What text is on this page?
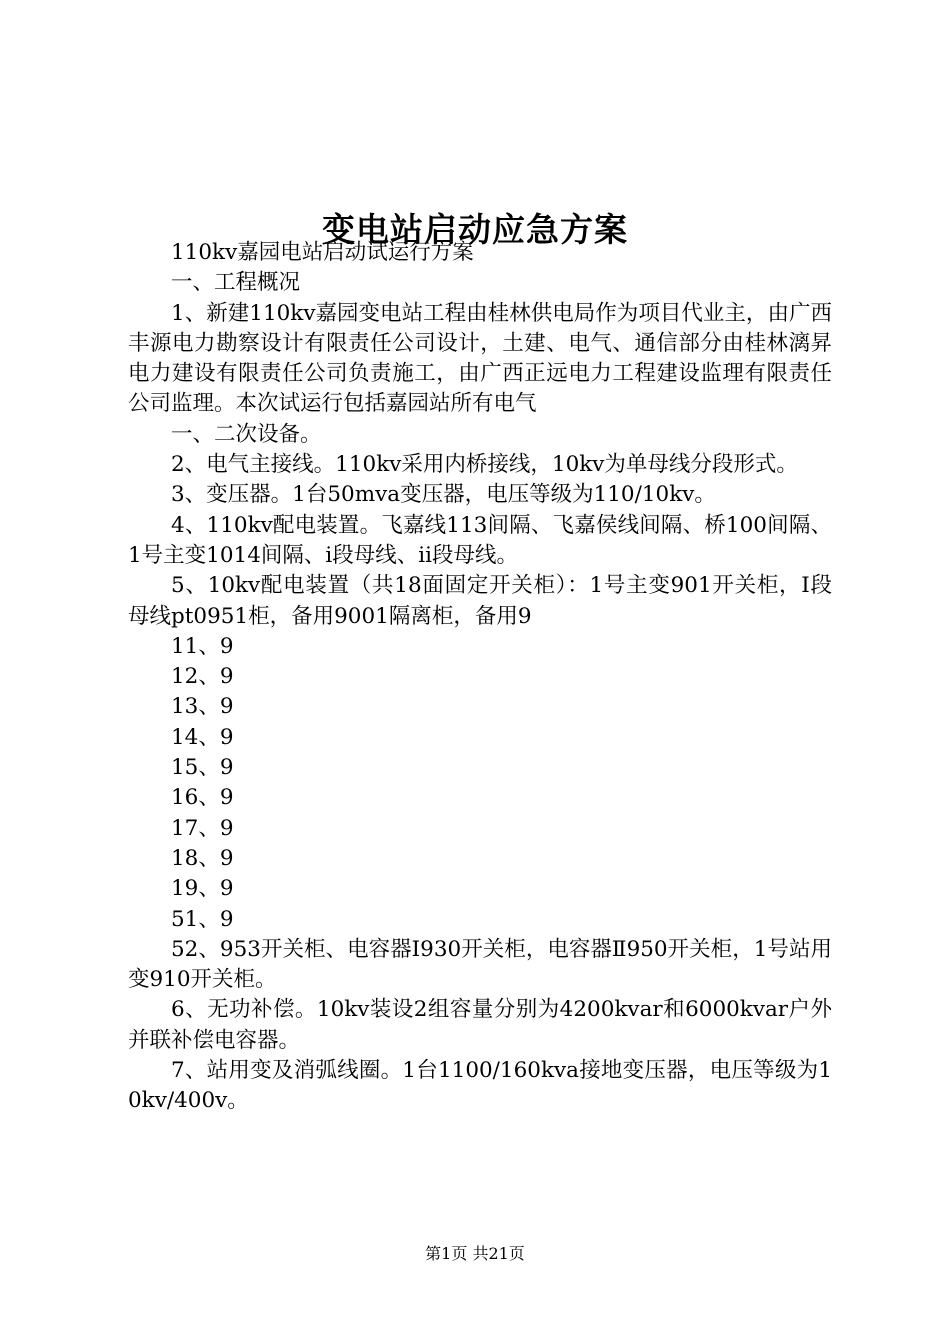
变电站启动应急方案

110kv嘉园电站启动试运行方案

一、工程概况

1、新建110kv嘉园变电站工程由桂林供电局作为项目代业主，由广西丰源电力勘察设计有限责任公司设计，土建、电气、通信部分由桂林漓昇电力建设有限责任公司负责施工，由广西正远电力工程建设监理有限责任公司监理。本次试运行包括嘉园站所有电气

一、二次设备。

2、电气主接线。110kv采用内桥接线，10kv为单母线分段形式。

3、变压器。1台50mva变压器，电压等级为110/10kv。

4、110kv配电装置。飞嘉线113间隔、飞嘉侯线间隔、桥100间隔、1号主变1014间隔、i段母线、ii段母线。

5、10kv配电装置（共18面固定开关柜）：1号主变901开关柜，Ⅰ段母线pt0951柜，备用9001隔离柜，备用9

11、9

12、9

13、9

14、9

15、9

16、9

17、9

18、9

19、9

51、9

52、953开关柜、电容器Ⅰ930开关柜，电容器Ⅱ950开关柜，1号站用变910开关柜。

6、无功补偿。10kv装设2组容量分别为4200kvar和6000kvar户外并联补偿电容器。

7、站用变及消弧线圈。1台1100/160kva接地变压器，电压等级为10kv/400v。

第1页 共21页
